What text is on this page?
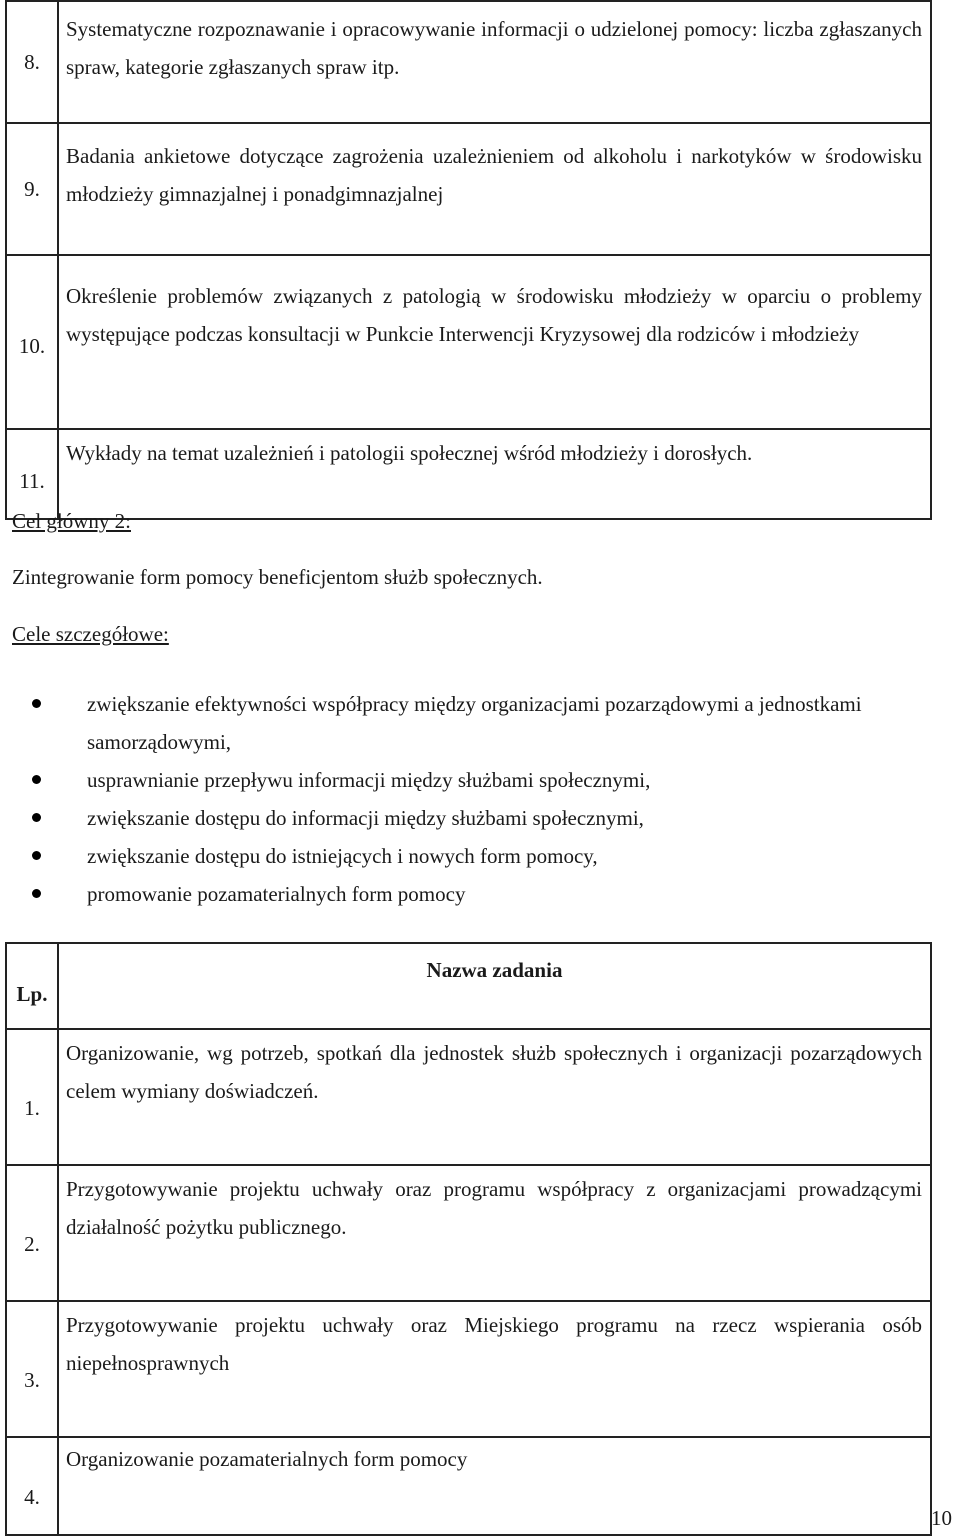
8.	Systematyczne rozpoznawanie i opracowywanie informacji o udzielonej pomocy: liczba zgłaszanych spraw, kategorie zgłaszanych spraw itp.
9.	Badania ankietowe dotyczące zagrożenia uzależnieniem od alkoholu i narkotyków w środowisku młodzieży gimnazjalnej i ponadgimnazjalnej
10.	Określenie problemów związanych z patologią w środowisku młodzieży w oparciu o problemy występujące podczas konsultacji w Punkcie Interwencji Kryzysowej dla rodziców i młodzieży
11.	Wykłady na temat uzależnień i patologii społecznej wśród młodzieży i dorosłych.
Cel główny 2:
Zintegrowanie form pomocy beneficjentom służb społecznych.
Cele szczegółowe:
zwiększanie efektywności współpracy między organizacjami pozarządowymi a jednostkami samorządowymi,
usprawnianie przepływu informacji między służbami społecznymi,
zwiększanie dostępu do informacji między służbami społecznymi,
zwiększanie dostępu do istniejących i nowych form pomocy,
promowanie pozamaterialnych form pomocy
Lp.	Nazwa zadania
1.	Organizowanie, wg potrzeb, spotkań dla jednostek służb społecznych i organizacji pozarządowych celem wymiany doświadczeń.
2.	Przygotowywanie projektu uchwały oraz programu współpracy z organizacjami prowadzącymi działalność pożytku publicznego.
3.	Przygotowywanie projektu uchwały oraz Miejskiego programu na rzecz wspierania osób niepełnosprawnych
4.	Organizowanie pozamaterialnych form pomocy
10
